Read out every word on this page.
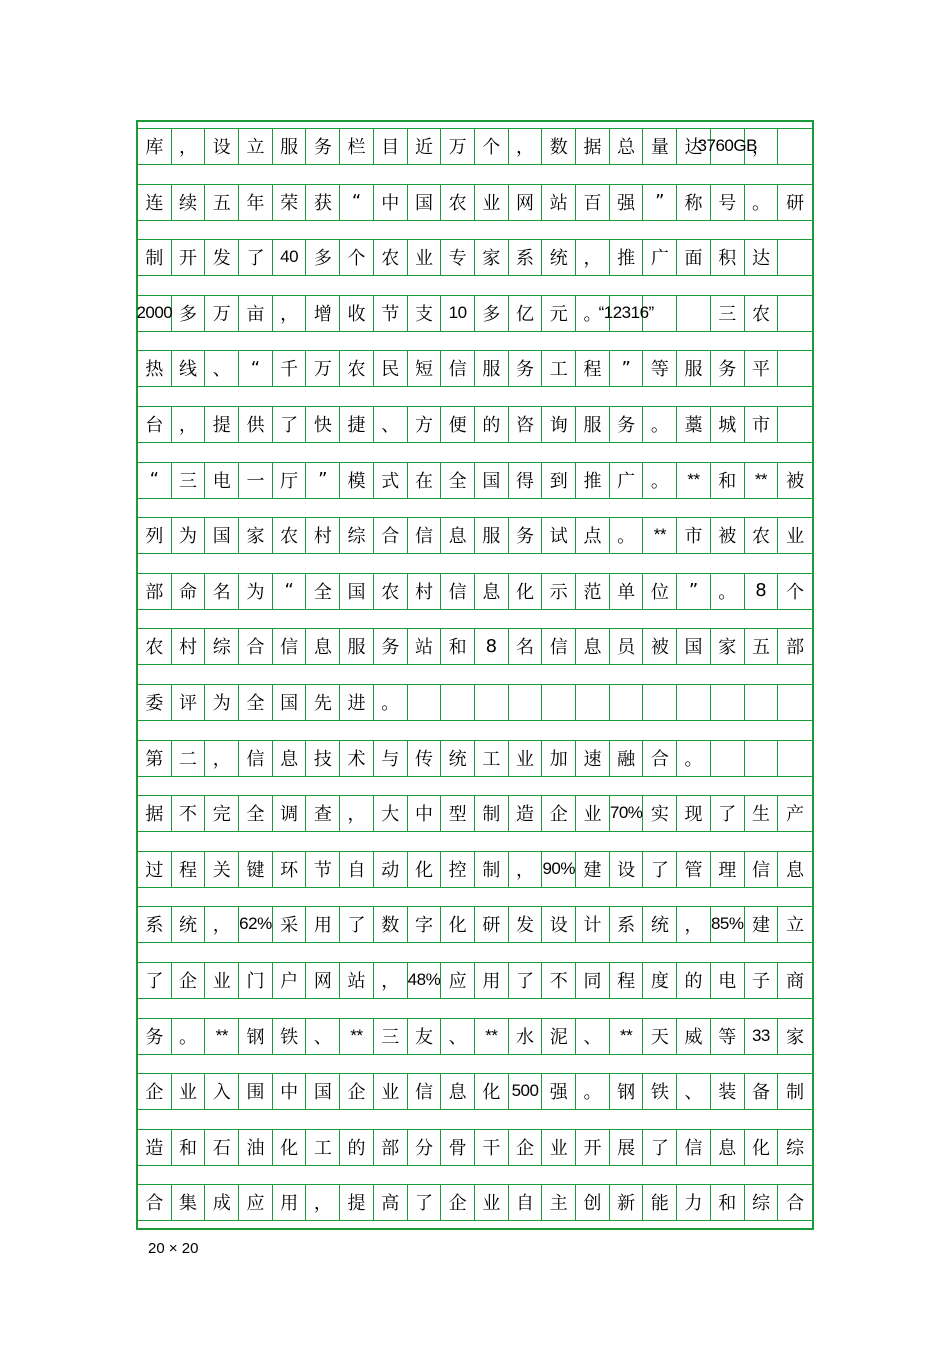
库 ， 设 立 服 务 栏 目 近 万 个 ， 数 据 总 量 达
3760GB
，
连 续 五 年 荣 获	“	中 国 农 业 网 站 百 强	”	称 号 。 研
制 开 发 了 40 多 个 农 业 专 家 系 统 ， 推 广 面 积 达
2000 多 万 亩 ， 增 收 节 支 10 多 亿 元 。
“12316”	三 农
热 线 、	“	千 万 农 民 短 信 服 务 工 程	”	等 服 务 平
台 ， 提 供 了 快 捷 、 方 便 的 咨 询 服 务 。 藁 城 市
“	三 电 一 厅	”	模 式 在 全 国 得 到 推 广 。	**	和	**	被
列 为 国 家 农 村 综 合 信 息 服 务 试 点 。	**	市 被 农 业
部 命 名 为	“	全 国 农 村 信 息 化 示 范 单 位	”	。	8	个
农 村 综 合 信 息 服 务 站 和	8	名 信 息 员 被 国 家 五 部
委 评 为 全 国 先 进 。
第 二 ， 信 息 技 术 与 传 统 工 业 加 速 融 合 。
据 不 完 全 调 查 ， 大 中 型 制 造 企 业 70% 实 现 了 生 产
过 程 关 键 环 节 自 动 化 控 制 ， 90% 建 设 了 管 理 信 息
系 统 ， 62% 采 用 了 数 字 化 研 发 设 计 系 统 ， 85% 建 立
了 企 业 门 户 网 站 ， 48% 应 用 了 不 同 程 度 的 电 子 商
务 。	**	钢 铁 、	**	三 友 、	**	水 泥 、	**	天 威 等 33 家
企 业 入 围 中 国 企 业 信 息 化 500 强 。 钢 铁 、 装 备 制
造 和 石 油 化 工 的 部 分 骨 干 企 业 开 展 了 信 息 化 综
合 集 成 应 用 ， 提 高 了 企 业 自 主 创 新 能 力 和 综 合
20 × 20
